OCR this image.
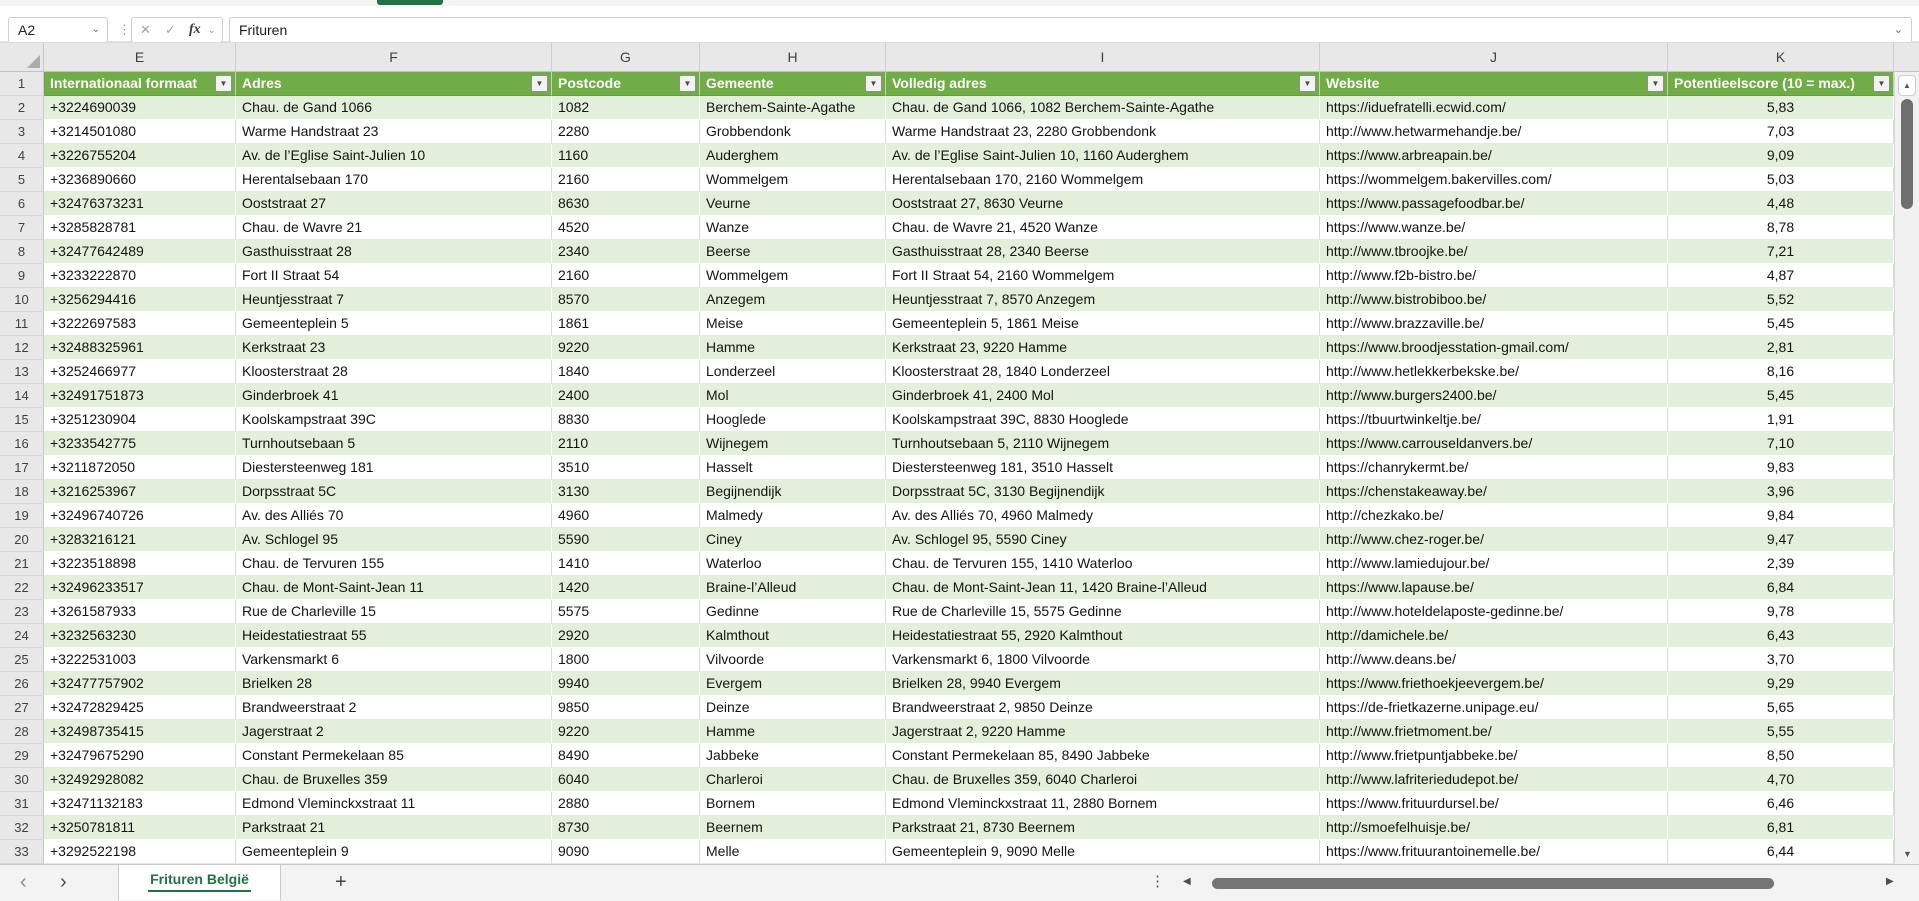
A2	⌄ ⋮ ✕ ✓ fx ⌄	Frituren	⌄
E	F	G	H	I	J	K
1	Internationaal formaat	▼	Adres	▼	Postcode	▼	Gemeente	▼	Volledig adres	▼	Website	▼	Potentieelscore (10 = max.)	▼
2	+3224690039	Chau. de Gand 1066	1082	Berchem-Sainte-Agathe	Chau. de Gand 1066, 1082 Berchem-Sainte-Agathe	https://iduefratelli.ecwid.com/	5,83
3	+3214501080	Warme Handstraat 23	2280	Grobbendonk	Warme Handstraat 23, 2280 Grobbendonk	http://www.hetwarmehandje.be/	7,03
4	+3226755204	Av. de l’Eglise Saint-Julien 10	1160	Auderghem	Av. de l’Eglise Saint-Julien 10, 1160 Auderghem	https://www.arbreapain.be/	9,09
5	+3236890660	Herentalsebaan 170	2160	Wommelgem	Herentalsebaan 170, 2160 Wommelgem	https://wommelgem.bakervilles.com/	5,03
6	+32476373231	Ooststraat 27	8630	Veurne	Ooststraat 27, 8630 Veurne	https://www.passagefoodbar.be/	4,48
7	+3285828781	Chau. de Wavre 21	4520	Wanze	Chau. de Wavre 21, 4520 Wanze	https://www.wanze.be/	8,78
8	+32477642489	Gasthuisstraat 28	2340	Beerse	Gasthuisstraat 28, 2340 Beerse	http://www.tbroojke.be/	7,21
9	+3233222870	Fort II Straat 54	2160	Wommelgem	Fort II Straat 54, 2160 Wommelgem	http://www.f2b-bistro.be/	4,87
10	+3256294416	Heuntjesstraat 7	8570	Anzegem	Heuntjesstraat 7, 8570 Anzegem	http://www.bistrobiboo.be/	5,52
11	+3222697583	Gemeenteplein 5	1861	Meise	Gemeenteplein 5, 1861 Meise	http://www.brazzaville.be/	5,45
12	+32488325961	Kerkstraat 23	9220	Hamme	Kerkstraat 23, 9220 Hamme	https://www.broodjesstation-gmail.com/	2,81
13	+3252466977	Kloosterstraat 28	1840	Londerzeel	Kloosterstraat 28, 1840 Londerzeel	http://www.hetlekkerbekske.be/	8,16
14	+32491751873	Ginderbroek 41	2400	Mol	Ginderbroek 41, 2400 Mol	http://www.burgers2400.be/	5,45
15	+3251230904	Koolskampstraat 39C	8830	Hooglede	Koolskampstraat 39C, 8830 Hooglede	https://tbuurtwinkeltje.be/	1,91
16	+3233542775	Turnhoutsebaan 5	2110	Wijnegem	Turnhoutsebaan 5, 2110 Wijnegem	https://www.carrouseldanvers.be/	7,10
17	+3211872050	Diestersteenweg 181	3510	Hasselt	Diestersteenweg 181, 3510 Hasselt	https://chanrykermt.be/	9,83
18	+3216253967	Dorpsstraat 5C	3130	Begijnendijk	Dorpsstraat 5C, 3130 Begijnendijk	https://chenstakeaway.be/	3,96
19	+32496740726	Av. des Alliés 70	4960	Malmedy	Av. des Alliés 70, 4960 Malmedy	http://chezkako.be/	9,84
20	+3283216121	Av. Schlogel 95	5590	Ciney	Av. Schlogel 95, 5590 Ciney	http://www.chez-roger.be/	9,47
21	+3223518898	Chau. de Tervuren 155	1410	Waterloo	Chau. de Tervuren 155, 1410 Waterloo	http://www.lamiedujour.be/	2,39
22	+32496233517	Chau. de Mont-Saint-Jean 11	1420	Braine-l’Alleud	Chau. de Mont-Saint-Jean 11, 1420 Braine-l’Alleud	https://www.lapause.be/	6,84
23	+3261587933	Rue de Charleville 15	5575	Gedinne	Rue de Charleville 15, 5575 Gedinne	http://www.hoteldelaposte-gedinne.be/	9,78
24	+3232563230	Heidestatiestraat 55	2920	Kalmthout	Heidestatiestraat 55, 2920 Kalmthout	http://damichele.be/	6,43
25	+3222531003	Varkensmarkt 6	1800	Vilvoorde	Varkensmarkt 6, 1800 Vilvoorde	http://www.deans.be/	3,70
26	+32477757902	Brielken 28	9940	Evergem	Brielken 28, 9940 Evergem	https://www.friethoekjeevergem.be/	9,29
27	+32472829425	Brandweerstraat 2	9850	Deinze	Brandweerstraat 2, 9850 Deinze	https://de-frietkazerne.unipage.eu/	5,65
28	+32498735415	Jagerstraat 2	9220	Hamme	Jagerstraat 2, 9220 Hamme	http://www.frietmoment.be/	5,55
29	+32479675290	Constant Permekelaan 85	8490	Jabbeke	Constant Permekelaan 85, 8490 Jabbeke	http://www.frietpuntjabbeke.be/	8,50
30	+32492928082	Chau. de Bruxelles 359	6040	Charleroi	Chau. de Bruxelles 359, 6040 Charleroi	http://www.lafriteriedudepot.be/	4,70
31	+32471132183	Edmond Vleminckxstraat 11	2880	Bornem	Edmond Vleminckxstraat 11, 2880 Bornem	https://www.frituurdursel.be/	6,46
32	+3250781811	Parkstraat 21	8730	Beernem	Parkstraat 21, 8730 Beernem	http://smoefelhuisje.be/	6,81
33	+3292522198	Gemeenteplein 9	9090	Melle	Gemeenteplein 9, 9090 Melle	https://www.frituurantoinemelle.be/	6,44
▲
▼
‹ ›	Frituren België	+	⋮ ◀	▶
